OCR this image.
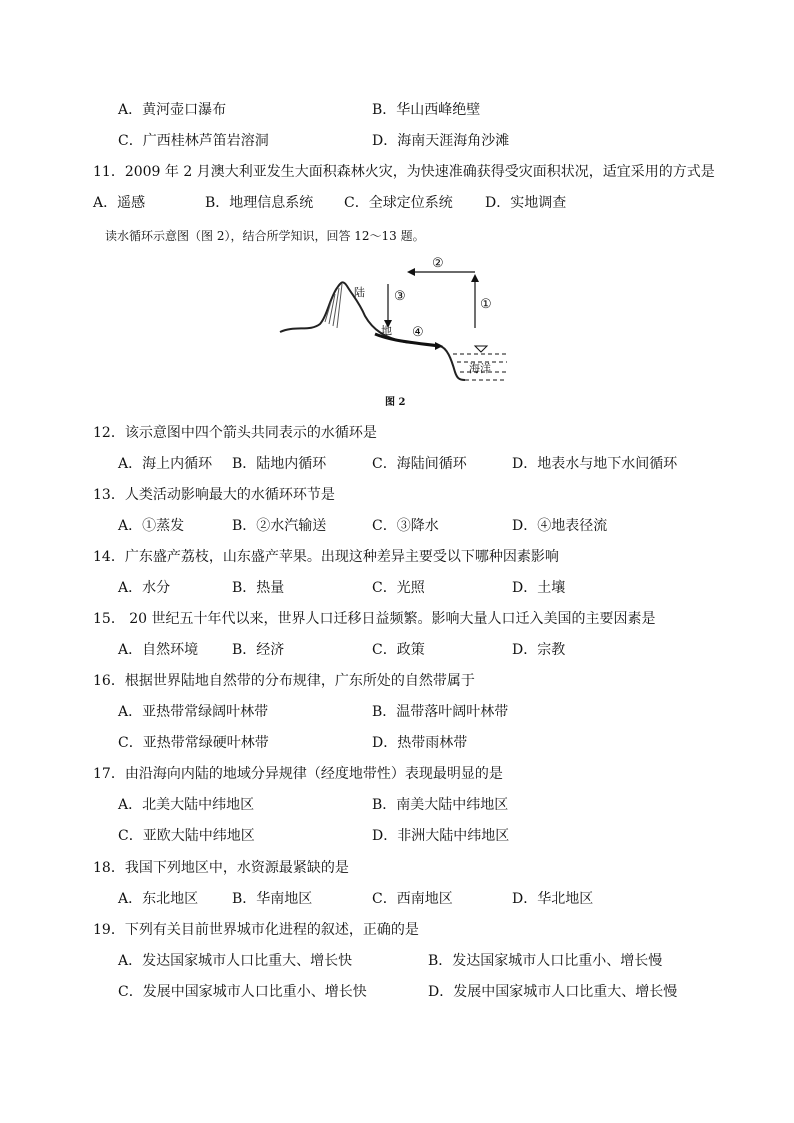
A．黄河壶口瀑布	B．华山西峰绝壁
C．广西桂林芦笛岩溶洞	D．海南天涯海角沙滩
11．2009 年 2 月澳大利亚发生大面积森林火灾，为快速准确获得受灾面积状况，适宜采用的方式是
A．遥感	B．地理信息系统 C．全球定位系统 D．实地调查
读水循环示意图（图 2），结合所学知识，回答 12～13 题。
③
②
①
④
陆
地
海洋
图 2
12．该示意图中四个箭头共同表示的水循环是
A．海上内循环 B．陆地内循环	C．海陆间循环	D．地表水与地下水间循环
13．人类活动影响最大的水循环环节是
A．①蒸发	B．②水汽输送	C．③降水	D．④地表径流
14．广东盛产荔枝，山东盛产苹果。出现这种差异主要受以下哪种因素影响
A．水分	B．热量	C．光照	D．土壤
15． 20 世纪五十年代以来，世界人口迁移日益频繁。影响大量人口迁入美国的主要因素是
A．自然环境 B．经济	C．政策	D．宗教
16．根据世界陆地自然带的分布规律，广东所处的自然带属于
A．亚热带常绿阔叶林带	B．温带落叶阔叶林带
C．亚热带常绿硬叶林带	D．热带雨林带
17．由沿海向内陆的地域分异规律（经度地带性）表现最明显的是
A．北美大陆中纬地区	B．南美大陆中纬地区
C．亚欧大陆中纬地区	D．非洲大陆中纬地区
18．我国下列地区中，水资源最紧缺的是
A．东北地区 B．华南地区	C．西南地区	D．华北地区
19．下列有关目前世界城市化进程的叙述，正确的是
A．发达国家城市人口比重大、增长快	B．发达国家城市人口比重小、增长慢
C．发展中国家城市人口比重小、增长快	D．发展中国家城市人口比重大、增长慢
